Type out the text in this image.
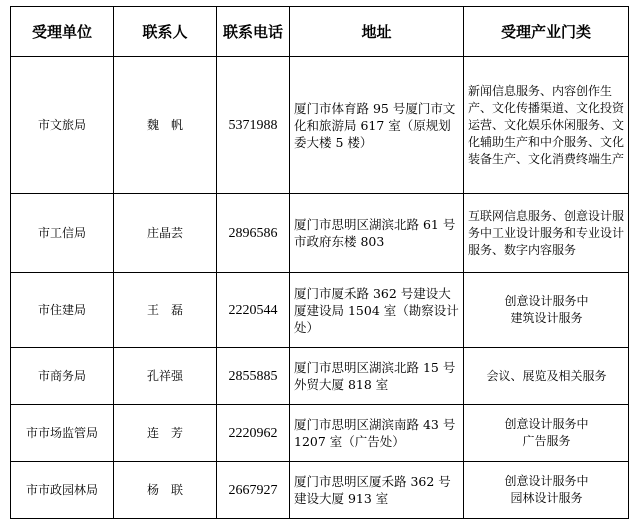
受理单位	联系人	联系电话	地址	受理产业门类
市文旅局	魏　帆	5371988	厦门市体育路 95 号厦门市文化和旅游局 617 室（原规划委大楼 5 楼）	新闻信息服务、内容创作生产、文化传播渠道、文化投资运营、文化娱乐休闲服务、文化辅助生产和中介服务、文化装备生产、文化消费终端生产

市工信局	庄晶芸	2896586	厦门市思明区湖滨北路 61 号市政府东楼 803	互联网信息服务、创意设计服务中工业设计服务和专业设计服务、数字内容服务

市住建局	王　磊	2220544	厦门市厦禾路 362 号建设大厦建设局 1504 室（勘察设计处）	创意设计服务中
建筑设计服务

市商务局	孔祥强	2855885	厦门市思明区湖滨北路 15 号外贸大厦 818 室	会议、展览及相关服务

市市场监管局	连　芳	2220962	厦门市思明区湖滨南路 43 号 1207 室（广告处）	创意设计服务中
广告服务

市市政园林局	杨　联	2667927	厦门市思明区厦禾路 362 号建设大厦 913 室	创意设计服务中
园林设计服务
